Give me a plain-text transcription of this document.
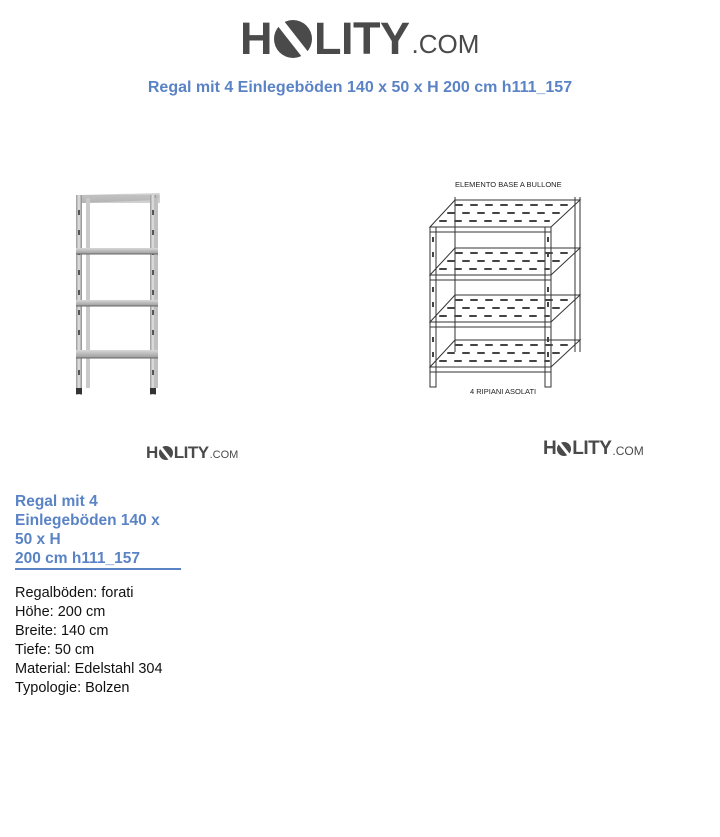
H LITY .COM
Regal mit 4 Einlegeböden 140 x 50 x H 200 cm h111_157
ELEMENTO BASE A BULLONE
4 RIPIANI ASOLATI
H LITY .COM	H LITY .COM
Regal mit 4
Einlegeböden 140 x
50 x H
200 cm h111_157
Regalböden: forati
Höhe: 200 cm
Breite: 140 cm
Tiefe: 50 cm
Material: Edelstahl 304
Typologie: Bolzen
